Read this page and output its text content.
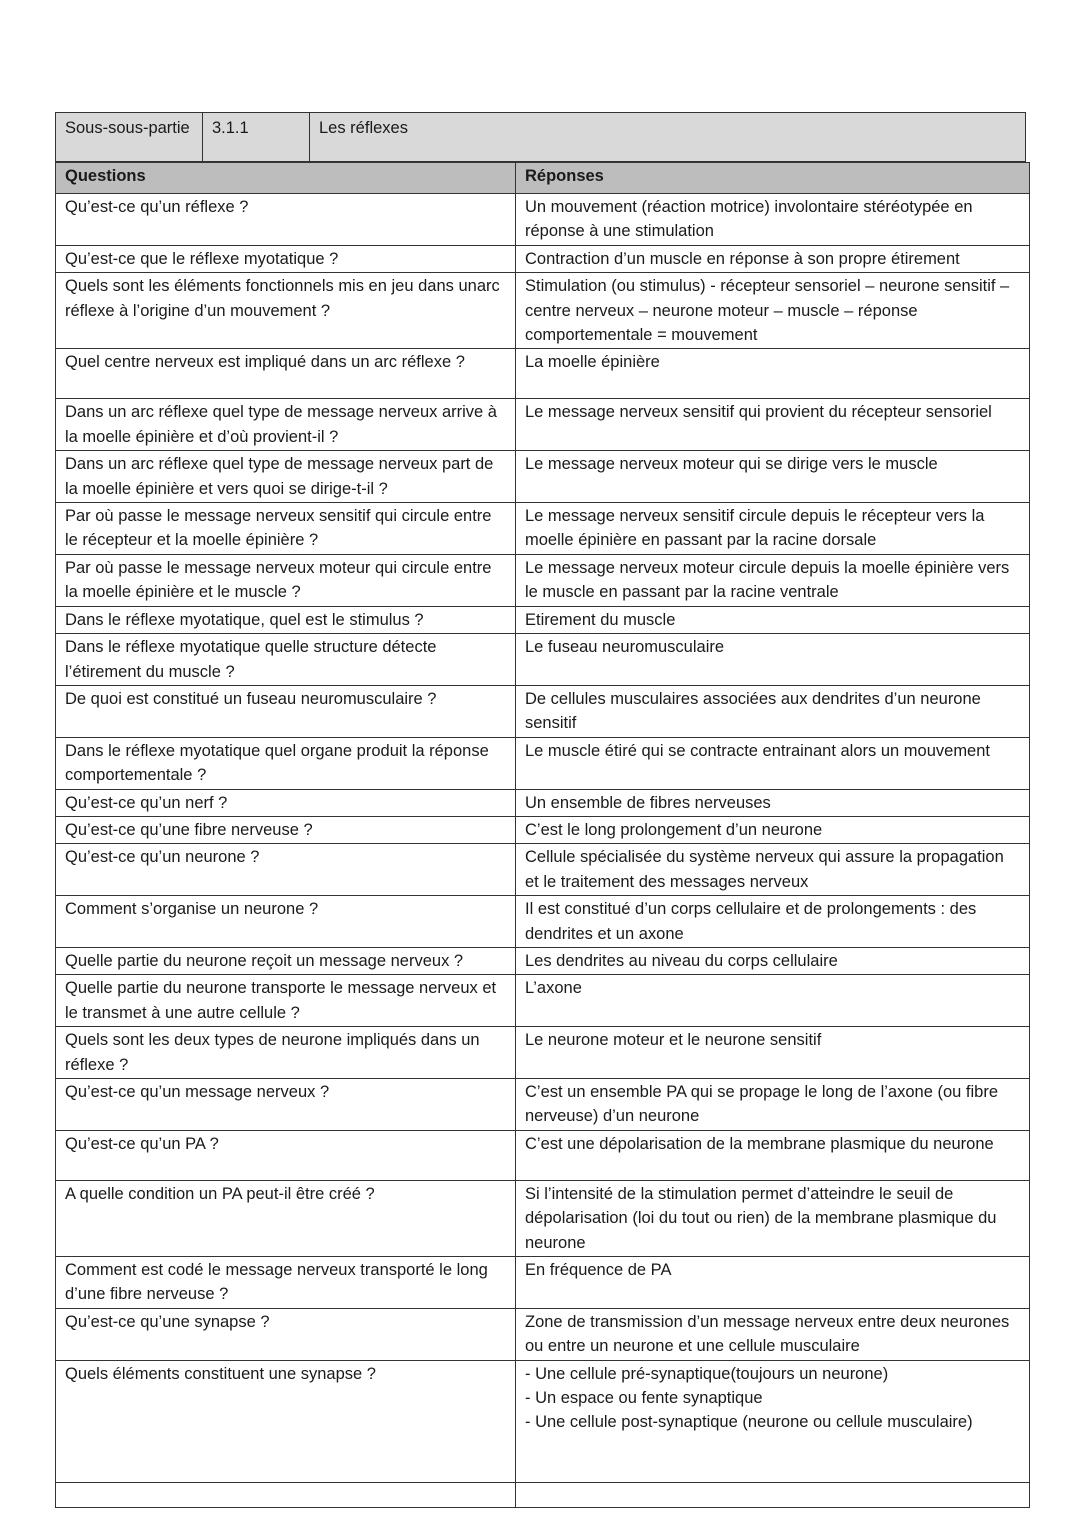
Sous-sous-partie	3.1.1	Les réflexes
Questions	Réponses
Qu’est-ce qu’un réflexe ?	Un mouvement (réaction motrice) involontaire stéréotypée en réponse à une stimulation
Qu’est-ce que le réflexe myotatique ?	Contraction d’un muscle en réponse à son propre étirement
Quels sont les éléments fonctionnels mis en jeu dans unarc réflexe à l’origine d’un mouvement ?	Stimulation (ou stimulus) - récepteur sensoriel – neurone sensitif – centre nerveux – neurone moteur – muscle – réponse comportementale = mouvement
Quel centre nerveux est impliqué dans un arc réflexe ?	La moelle épinière
Dans un arc réflexe quel type de message nerveux arrive à la moelle épinière et d’où provient-il ?	Le message nerveux sensitif qui provient du récepteur sensoriel
Dans un arc réflexe quel type de message nerveux part de la moelle épinière et vers quoi se dirige-t-il ?	Le message nerveux moteur qui se dirige vers le muscle
Par où passe le message nerveux sensitif qui circule entre le récepteur et la moelle épinière ?	Le message nerveux sensitif circule depuis le récepteur vers la moelle épinière en passant par la racine dorsale
Par où passe le message nerveux moteur qui circule entre la moelle épinière et le muscle ?	Le message nerveux moteur circule depuis la moelle épinière vers le muscle en passant par la racine ventrale
Dans le réflexe myotatique, quel est le stimulus ?	Etirement du muscle
Dans le réflexe myotatique quelle structure détecte l’étirement du muscle ?	Le fuseau neuromusculaire
De quoi est constitué un fuseau neuromusculaire ?	De cellules musculaires associées aux dendrites d’un neurone sensitif
Dans le réflexe myotatique quel organe produit la réponse comportementale ?	Le muscle étiré qui se contracte entrainant alors un mouvement
Qu’est-ce qu’un nerf ?	Un ensemble de fibres nerveuses
Qu’est-ce qu’une fibre nerveuse ?	C’est le long prolongement d’un neurone
Qu’est-ce qu’un neurone ?	Cellule spécialisée du système nerveux qui assure la propagation et le traitement des messages nerveux
Comment s’organise un neurone ?	Il est constitué d’un corps cellulaire et de prolongements : des dendrites et un axone
Quelle partie du neurone reçoit un message nerveux ?	Les dendrites au niveau du corps cellulaire
Quelle partie du neurone transporte le message nerveux et le transmet à une autre cellule ?	L’axone
Quels sont les deux types de neurone impliqués dans un réflexe ?	Le neurone moteur et le neurone sensitif
Qu’est-ce qu’un message nerveux ?	C’est un ensemble PA qui se propage le long de l’axone (ou fibre nerveuse) d’un neurone
Qu’est-ce qu’un PA ?	C’est une dépolarisation de la membrane plasmique du neurone
A quelle condition un PA peut-il être créé ?	Si l’intensité de la stimulation permet d’atteindre le seuil de dépolarisation (loi du tout ou rien) de la membrane plasmique du neurone
Comment est codé le message nerveux transporté le long d’une fibre nerveuse ?	En fréquence de PA
Qu’est-ce qu’une synapse ?	Zone de transmission d’un message nerveux entre deux neurones ou entre un neurone et une cellule musculaire
Quels éléments constituent une synapse ?	- Une cellule pré-synaptique(toujours un neurone)
- Un espace ou fente synaptique
- Une cellule post-synaptique (neurone ou cellule musculaire)
